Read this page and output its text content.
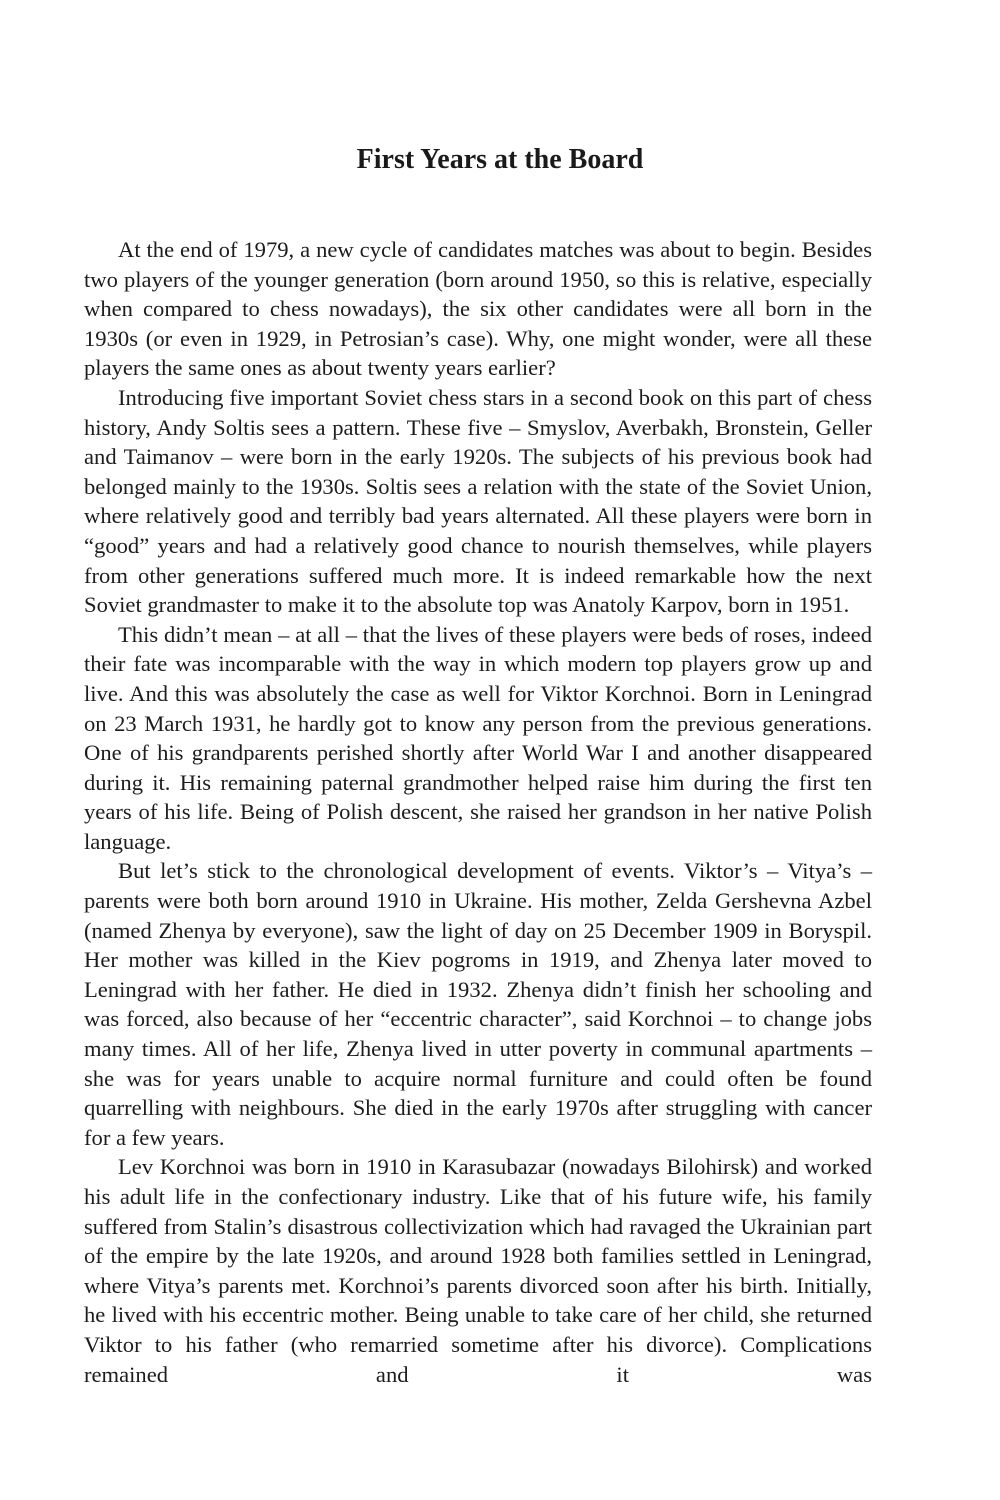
First Years at the Board

At the end of 1979, a new cycle of candidates matches was about to begin. Besides two players of the younger generation (born around 1950, so this is relative, especially when compared to chess nowadays), the six other candidates were all born in the 1930s (or even in 1929, in Petrosian’s case). Why, one might wonder, were all these players the same ones as about twenty years earlier?

Introducing five important Soviet chess stars in a second book on this part of chess history, Andy Soltis sees a pattern. These five – Smyslov, Averbakh, Bronstein, Geller and Taimanov – were born in the early 1920s. The subjects of his previous book had belonged mainly to the 1930s. Soltis sees a relation with the state of the Soviet Union, where relatively good and terribly bad years alternated. All these players were born in “good” years and had a relatively good chance to nourish themselves, while players from other generations suffered much more. It is indeed remarkable how the next Soviet grandmaster to make it to the absolute top was Anatoly Karpov, born in 1951.

This didn’t mean – at all – that the lives of these players were beds of roses, indeed their fate was incomparable with the way in which modern top players grow up and live. And this was absolutely the case as well for Viktor Korchnoi. Born in Leningrad on 23 March 1931, he hardly got to know any person from the previous generations. One of his grandparents perished shortly after World War I and another disappeared during it. His remaining paternal grandmother helped raise him during the first ten years of his life. Being of Polish descent, she raised her grandson in her native Polish language.

But let’s stick to the chronological development of events. Viktor’s – Vitya’s – parents were both born around 1910 in Ukraine. His mother, Zelda Gershevna Azbel (named Zhenya by everyone), saw the light of day on 25 December 1909 in Boryspil. Her mother was killed in the Kiev pogroms in 1919, and Zhenya later moved to Leningrad with her father. He died in 1932. Zhenya didn’t finish her schooling and was forced, also because of her “eccentric character”, said Korchnoi – to change jobs many times. All of her life, Zhenya lived in utter poverty in communal apartments – she was for years unable to acquire normal furniture and could often be found quarrelling with neighbours. She died in the early 1970s after struggling with cancer for a few years.

Lev Korchnoi was born in 1910 in Karasubazar (nowadays Bilohirsk) and worked his adult life in the confectionary industry. Like that of his future wife, his family suffered from Stalin’s disastrous collectivization which had ravaged the Ukrainian part of the empire by the late 1920s, and around 1928 both families settled in Leningrad, where Vitya’s parents met. Korchnoi’s parents divorced soon after his birth. Initially, he lived with his eccentric mother. Being unable to take care of her child, she returned Viktor to his father (who remarried sometime after his divorce). Complications remained and it was
